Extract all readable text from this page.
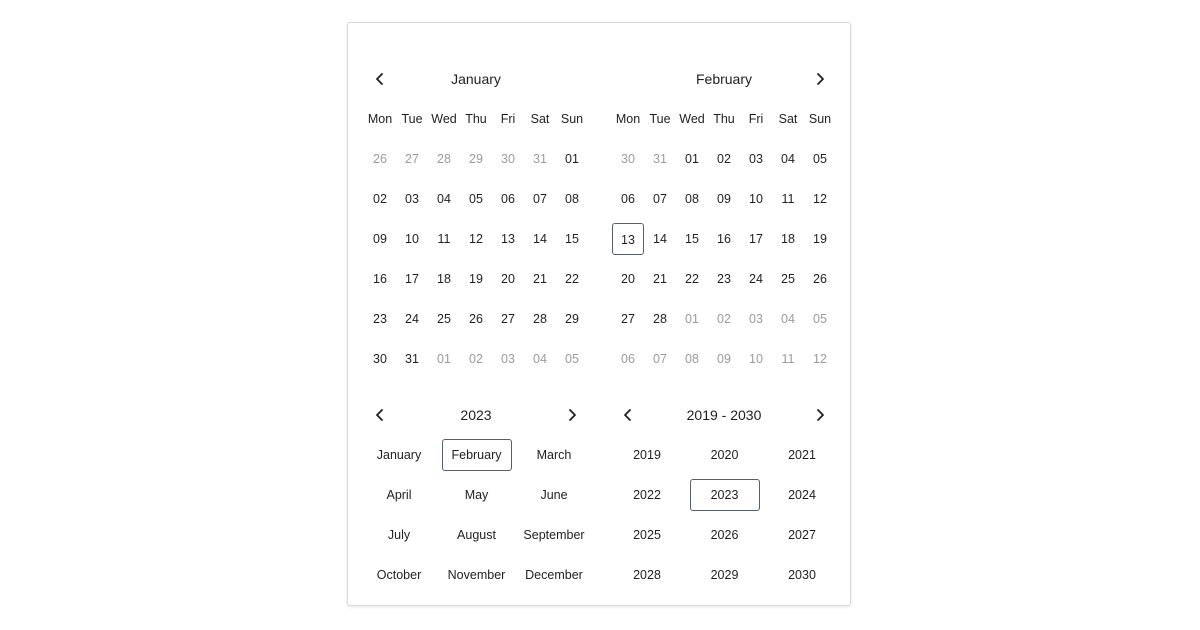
January	February
Mon Tue Wed Thu	Fri	Sat Sun
26	27	28	29	30	31	01
02	03	04	05	06	07	08
09	10	11	12	13	14	15
16	17	18	19	20	21	22
23	24	25	26	27	28	29
30	31	01	02	03	04	05
Mon Tue Wed Thu	Fri	Sat Sun
30	31	01	02	03	04	05
06	07	08	09	10	11	12
13	14	15	16	17	18	19
20	21	22	23	24	25	26
27	28	01	02	03	04	05
06	07	08	09	10	11	12
2023	2019 - 2030
January	February	March
April	May	June
July	August	September
October	November	December
2019	2020	2021
2022	2023	2024
2025	2026	2027
2028	2029	2030
